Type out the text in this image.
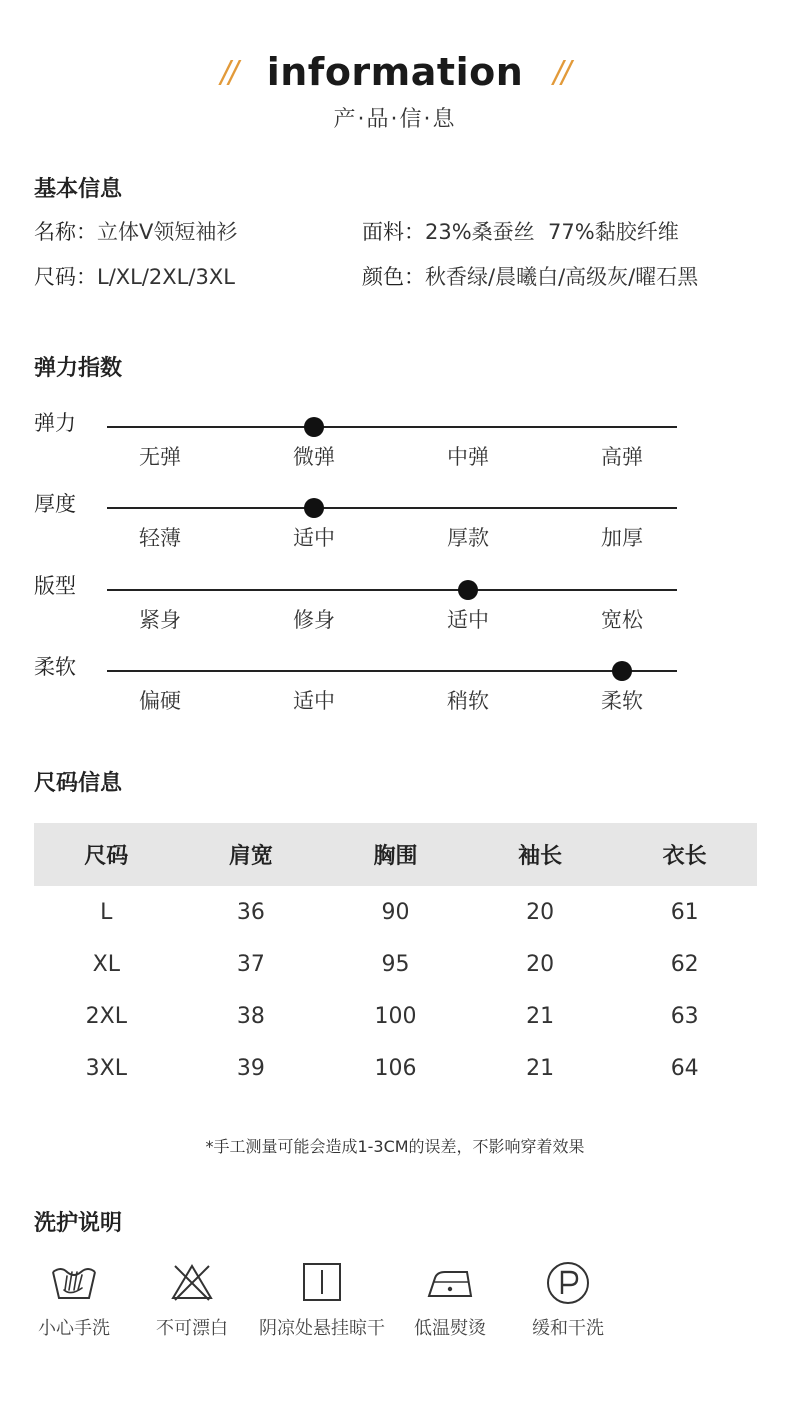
// information //
产·品·信·息
基本信息
名称：立体V领短袖衫	面料：23%桑蚕丝  77%黏胶纤维
尺码：L/XL/2XL/3XL	颜色：秋香绿/晨曦白/高级灰/曜石黑
弹力指数
弹力
无弹	微弹	中弹	高弹
厚度
轻薄	适中	厚款	加厚
版型
紧身	修身	适中	宽松
柔软
偏硬	适中	稍软	柔软
尺码信息
尺码	肩宽	胸围	袖长	衣长
L	36	90	20	61
XL	37	95	20	62
2XL	38	100	21	63
3XL	39	106	21	64
*手工测量可能会造成1-3CM的误差，不影响穿着效果
洗护说明
小心手洗	不可漂白	阴凉处悬挂晾干	低温熨烫	缓和干洗
